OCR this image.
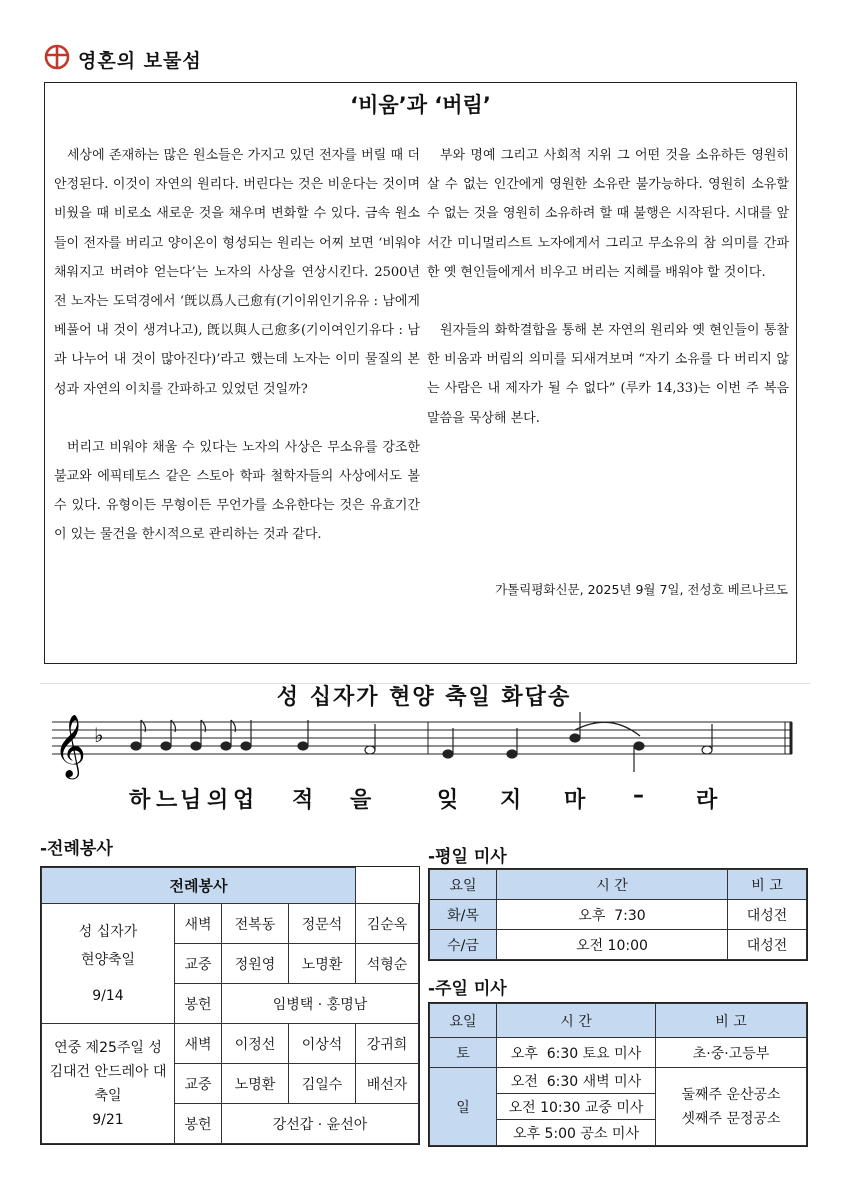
영혼의 보물섬
‘비움’과 ‘버림’

세상에 존재하는 많은 원소들은 가지고 있던 전자를 버릴 때 더 안정된다. 이것이 자연의 원리다. 버린다는 것은 비운다는 것이며 비웠을 때 비로소 새로운 것을 채우며 변화할 수 있다. 금속 원소들이 전자를 버리고 양이온이 형성되는 원리는 어찌 보면 ‘비워야 채워지고 버려야 얻는다’는 노자의 사상을 연상시킨다. 2500년 전 노자는 도덕경에서 ‘旣以爲人己愈有(기이위인기유유 : 남에게 베풀어 내 것이 생겨나고), 旣以與人己愈多(기이여인기유다 : 남과 나누어 내 것이 많아진다)’라고 했는데 노자는 이미 물질의 본성과 자연의 이치를 간파하고 있었던 것일까?

버리고 비워야 채울 수 있다는 노자의 사상은 무소유를 강조한 불교와 에픽테토스 같은 스토아 학파 철학자들의 사상에서도 볼 수 있다. 유형이든 무형이든 무언가를 소유한다는 것은 유효기간이 있는 물건을 한시적으로 관리하는 것과 같다.

부와 명예 그리고 사회적 지위 그 어떤 것을 소유하든 영원히 살 수 없는 인간에게 영원한 소유란 불가능하다. 영원히 소유할 수 없는 것을 영원히 소유하려 할 때 불행은 시작된다. 시대를 앞서간 미니멀리스트 노자에게서 그리고 무소유의 참 의미를 간파한 옛 현인들에게서 비우고 버리는 지혜를 배워야 할 것이다.

원자들의 화학결합을 통해 본 자연의 원리와 옛 현인들이 통찰한 비움과 버림의 의미를 되새겨보며 “자기 소유를 다 버리지 않는 사람은 내 제자가 될 수 없다” (루카 14,33)는 이번 주 복음 말씀을 묵상해 본다.

가톨릭평화신문, 2025년 9월 7일, 전성호 베르나르도
성 십자가 현양 축일 화답송
𝄞 ♭
하 느 님 의 업 적 을	잊 지 마 – 라
-전례봉사
전례봉사				

성 십자가 현양축일
9/14	새벽	전복동	정문석	김순옥
	교중	정원영	노명환	석형순
	봉헌	임병택 · 홍명남		

연중 제25주일 성 김대건 안드레아 대축일
9/21	새벽	이정선	이상석	강귀희
	교중	노명환	김일수	배선자
	봉헌	강선갑 · 윤선아		
-평일 미사
요일	시 간	비 고
화/목	오후  7:30	대성전
수/금	오전 10:00	대성전
-주일 미사
요일	시 간	비 고
토	오후  6:30 토요 미사	초·중·고등부
일	오전  6:30 새벽 미사	둘째주 운산공소
셋째주 문정공소

	오전 10:30 교중 미사	
	오후 5:00 공소 미사	
